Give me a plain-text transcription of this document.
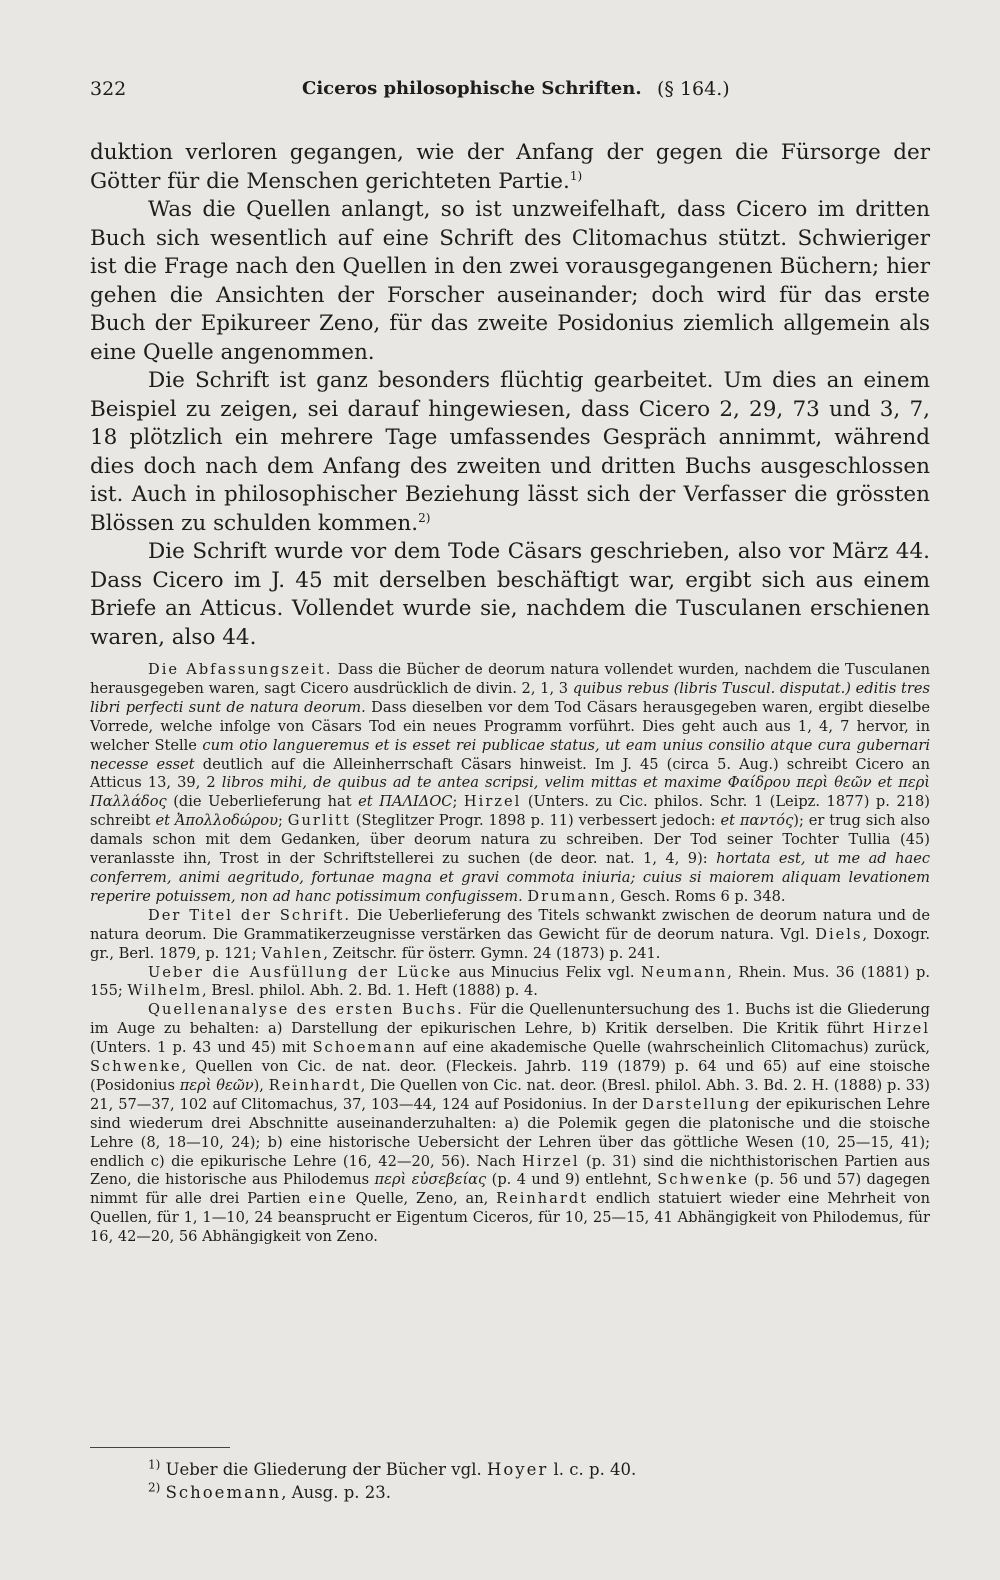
322	Ciceros philosophische Schriften. (§ 164.)

duktion verloren gegangen, wie der Anfang der gegen die Fürsorge der Götter für die Menschen gerichteten Partie.$^{1)}$

Was die Quellen anlangt, so ist unzweifelhaft, dass Cicero im dritten Buch sich wesentlich auf eine Schrift des Clitomachus stützt. Schwieriger ist die Frage nach den Quellen in den zwei vorausgegangenen Büchern; hier gehen die Ansichten der Forscher auseinander; doch wird für das erste Buch der Epikureer Zeno, für das zweite Posidonius ziemlich allgemein als eine Quelle angenommen.

Die Schrift ist ganz besonders flüchtig gearbeitet. Um dies an einem Beispiel zu zeigen, sei darauf hingewiesen, dass Cicero 2, 29, 73 und 3, 7, 18 plötzlich ein mehrere Tage umfassendes Gespräch annimmt, während dies doch nach dem Anfang des zweiten und dritten Buchs ausgeschlossen ist. Auch in philosophischer Beziehung lässt sich der Verfasser die grössten Blössen zu schulden kommen.$^{2)}$

Die Schrift wurde vor dem Tode Cäsars geschrieben, also vor März 44. Dass Cicero im J. 45 mit derselben beschäftigt war, ergibt sich aus einem Briefe an Atticus. Vollendet wurde sie, nachdem die Tusculanen erschienen waren, also 44.

Die Abfassungszeit. Dass die Bücher de deorum natura vollendet wurden, nachdem die Tusculanen herausgegeben waren, sagt Cicero ausdrücklich de divin. 2, 1, 3 quibus rebus (libris Tuscul. disputat.) editis tres libri perfecti sunt de natura deorum. Dass dieselben vor dem Tod Cäsars herausgegeben waren, ergibt dieselbe Vorrede, welche infolge von Cäsars Tod ein neues Programm vorführt. Dies geht auch aus 1, 4, 7 hervor, in welcher Stelle cum otio langueremus et is esset rei publicae status, ut eam unius consilio atque cura gubernari necesse esset deutlich auf die Alleinherrschaft Cäsars hinweist. Im J. 45 (circa 5. Aug.) schreibt Cicero an Atticus 13, 39, 2 libros mihi, de quibus ad te antea scripsi, velim mittas et maxime Φαίδρου περὶ θεῶν et περὶ Παλλάδος (die Ueberlieferung hat et ΠΑΛΙΔΟC; Hirzel (Unters. zu Cic. philos. Schr. 1 (Leipz. 1877) p. 218) schreibt et Ἀπολλοδώρου; Gurlitt (Steglitzer Progr. 1898 p. 11) verbessert jedoch: et παντός); er trug sich also damals schon mit dem Gedanken, über deorum natura zu schreiben. Der Tod seiner Tochter Tullia (45) veranlasste ihn, Trost in der Schriftstellerei zu suchen (de deor. nat. 1, 4, 9): hortata est, ut me ad haec conferrem, animi aegritudo, fortunae magna et gravi commota iniuria; cuius si maiorem aliquam levationem reperire potuissem, non ad hanc potissimum confugissem. Drumann, Gesch. Roms 6 p. 348.

Der Titel der Schrift. Die Ueberlieferung des Titels schwankt zwischen de deorum natura und de natura deorum. Die Grammatikerzeugnisse verstärken das Gewicht für de deorum natura. Vgl. Diels, Doxogr. gr., Berl. 1879, p. 121; Vahlen, Zeitschr. für österr. Gymn. 24 (1873) p. 241.

Ueber die Ausfüllung der Lücke aus Minucius Felix vgl. Neumann, Rhein. Mus. 36 (1881) p. 155; Wilhelm, Bresl. philol. Abh. 2. Bd. 1. Heft (1888) p. 4.

Quellenanalyse des ersten Buchs. Für die Quellenuntersuchung des 1. Buchs ist die Gliederung im Auge zu behalten: a) Darstellung der epikurischen Lehre, b) Kritik derselben. Die Kritik führt Hirzel (Unters. 1 p. 43 und 45) mit Schoemann auf eine akademische Quelle (wahrscheinlich Clitomachus) zurück, Schwenke, Quellen von Cic. de nat. deor. (Fleckeis. Jahrb. 119 (1879) p. 64 und 65) auf eine stoische (Posidonius περὶ θεῶν), Reinhardt, Die Quellen von Cic. nat. deor. (Bresl. philol. Abh. 3. Bd. 2. H. (1888) p. 33) 21, 57—37, 102 auf Clitomachus, 37, 103—44, 124 auf Posidonius. In der Darstellung der epikurischen Lehre sind wiederum drei Abschnitte auseinanderzuhalten: a) die Polemik gegen die platonische und die stoische Lehre (8, 18—10, 24); b) eine historische Uebersicht der Lehren über das göttliche Wesen (10, 25—15, 41); endlich c) die epikurische Lehre (16, 42—20, 56). Nach Hirzel (p. 31) sind die nichthistorischen Partien aus Zeno, die historische aus Philodemus περὶ εὐσεβείας (p. 4 und 9) entlehnt, Schwenke (p. 56 und 57) dagegen nimmt für alle drei Partien eine Quelle, Zeno, an, Reinhardt endlich statuiert wieder eine Mehrheit von Quellen, für 1, 1—10, 24 beansprucht er Eigentum Ciceros, für 10, 25—15, 41 Abhängigkeit von Philodemus, für 16, 42—20, 56 Abhängigkeit von Zeno.

$^{1)}$ Ueber die Gliederung der Bücher vgl. Hoyer l. c. p. 40.

$^{2)}$ Schoemann, Ausg. p. 23.
